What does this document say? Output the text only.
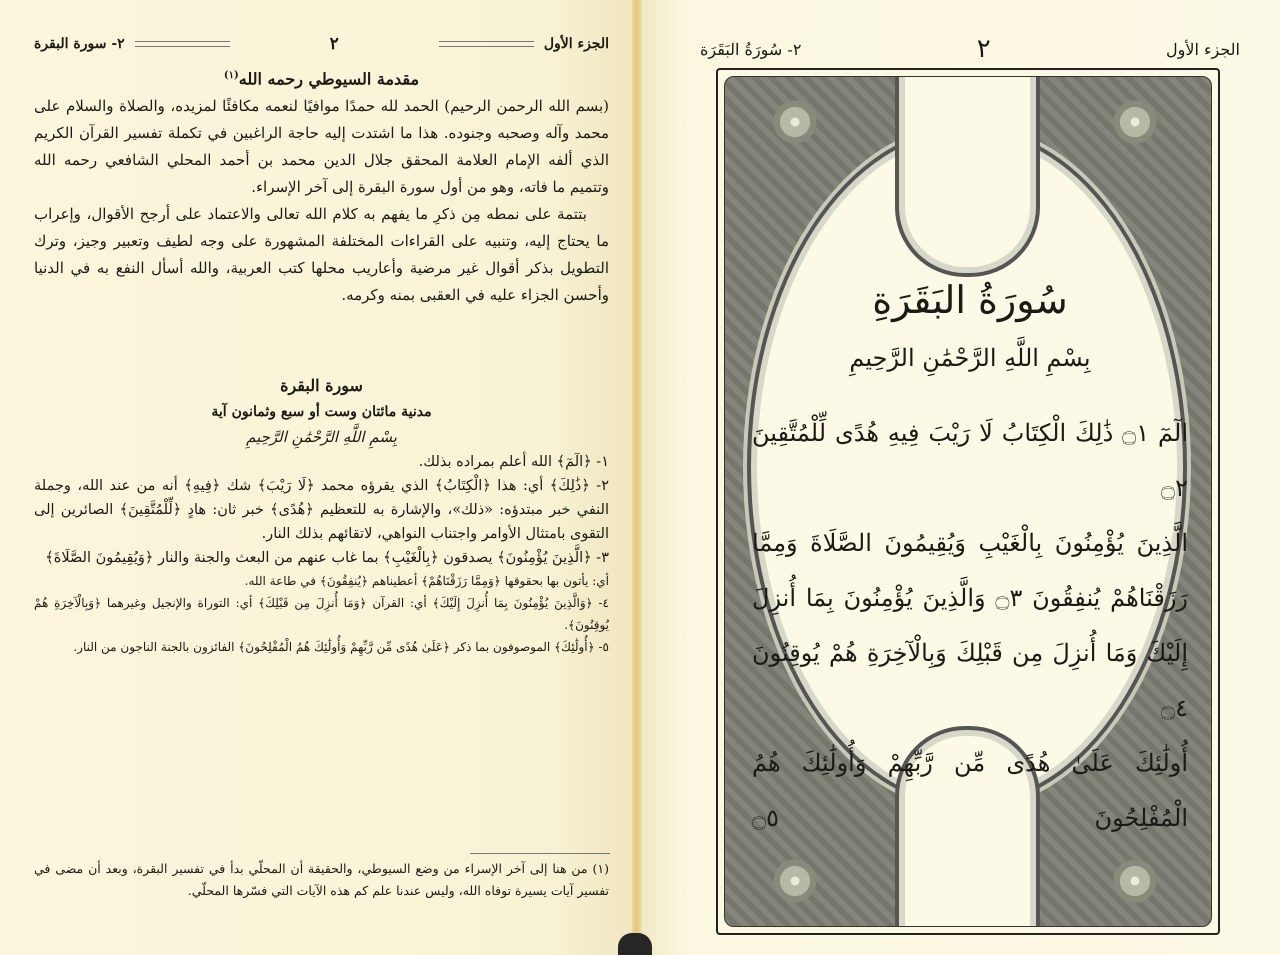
الجزء الأول
٢
٢- سورة البقرة
مقدمة السيوطي رحمه الله$^{(١)}$

(بسم الله الرحمن الرحيم) الحمد لله حمدًا موافيًا لنعمه مكافئًا لمزيده، والصلاة والسلام على محمد وآله وصحبه وجنوده. هذا ما اشتدت إليه حاجة الراغبين في تكملة تفسير القرآن الكريم الذي ألفه الإمام العلامة المحقق جلال الدين محمد بن أحمد المحلي الشافعي رحمه الله وتتميم ما فاته، وهو من أول سورة البقرة إلى آخر الإسراء.

بتتمة على نمطه مِن ذكرِ ما يفهم به كلام الله تعالى والاعتماد على أرجح الأقوال، وإعراب ما يحتاج إليه، وتنبيه على القراءات المختلفة المشهورة على وجه لطيف وتعبير وجيز، وترك التطويل بذكر أقوال غير مرضية وأعاريب محلها كتب العربية، والله أسأل النفع به في الدنيا وأحسن الجزاء عليه في العقبى بمنه وكرمه.

سورة البقرة
مدنية مائتان وست أو سبع وثمانون آية
بِسْمِ اللَّهِ الرَّحْمَٰنِ الرَّحِيمِ

١- ﴿الٓمٓ﴾ الله أعلم بمراده بذلك.

٢- ﴿ذَٰلِكَ﴾ أي: هذا ﴿الْكِتَابُ﴾ الذي يقرؤه محمد ﴿لَا رَيْبَ﴾ شك ﴿فِيهِ﴾ أنه من عند الله، وجملة النفي خبر مبتدؤه: «ذلك»، والإشارة به للتعظيم ﴿هُدًى﴾ خبر ثان: هادٍ ﴿لِّلْمُتَّقِينَ﴾ الصائرين إلى التقوى بامتثال الأوامر واجتناب النواهي، لاتقائهم بذلك النار.

٣- ﴿الَّذِينَ يُؤْمِنُونَ﴾ يصدقون ﴿بِالْغَيْبِ﴾ بما غاب عنهم من البعث والجنة والنار ﴿وَيُقِيمُونَ الصَّلَاةَ﴾

أي: يأتون بها بحقوقها ﴿وَمِمَّا رَزَقْنَاهُمْ﴾ أعطيناهم ﴿يُنفِقُونَ﴾ في طاعة الله.

٤- ﴿وَالَّذِينَ يُؤْمِنُونَ بِمَا أُنزِلَ إِلَيْكَ﴾ أي: القرآن ﴿وَمَا أُنزِلَ مِن قَبْلِكَ﴾ أي: التوراة والإنجيل وغيرهما ﴿وَبِالْآخِرَةِ هُمْ يُوقِنُونَ﴾.

٥- ﴿أُولَٰئِكَ﴾ الموصوفون بما ذكر ﴿عَلَىٰ هُدًى مِّن رَّبِّهِمْ وَأُولَٰئِكَ هُمُ الْمُفْلِحُونَ﴾ الفائزون بالجنة الناجون من النار.

(١) من هنا إلى آخر الإسراء من وضع السيوطي، والحقيقة أن المحلّي بدأ في تفسير البقرة، وبعد أن مضى في تفسير آيات يسيرة توفاه الله، وليس عندنا علم كم هذه الآيات التي فسّرها المحلّي.
الجزء الأول
٢
٢- سُورَةُ البَقَرَة
سُورَةُ البَقَرَةِ
بِسْمِ اللَّهِ الرَّحْمَٰنِ الرَّحِيمِ
الٓمٓ ۝١ ذَٰلِكَ الْكِتَابُ لَا رَيْبَ فِيهِ هُدًى لِّلْمُتَّقِينَ ۝٢
الَّذِينَ يُؤْمِنُونَ بِالْغَيْبِ وَيُقِيمُونَ الصَّلَاةَ وَمِمَّا
رَزَقْنَاهُمْ يُنفِقُونَ ۝٣ وَالَّذِينَ يُؤْمِنُونَ بِمَا أُنزِلَ
إِلَيْكَ وَمَا أُنزِلَ مِن قَبْلِكَ وَبِالْآخِرَةِ هُمْ يُوقِنُونَ ۝٤
أُولَٰئِكَ عَلَىٰ هُدًى مِّن رَّبِّهِمْ وَأُولَٰئِكَ هُمُ الْمُفْلِحُونَ ۝٥
